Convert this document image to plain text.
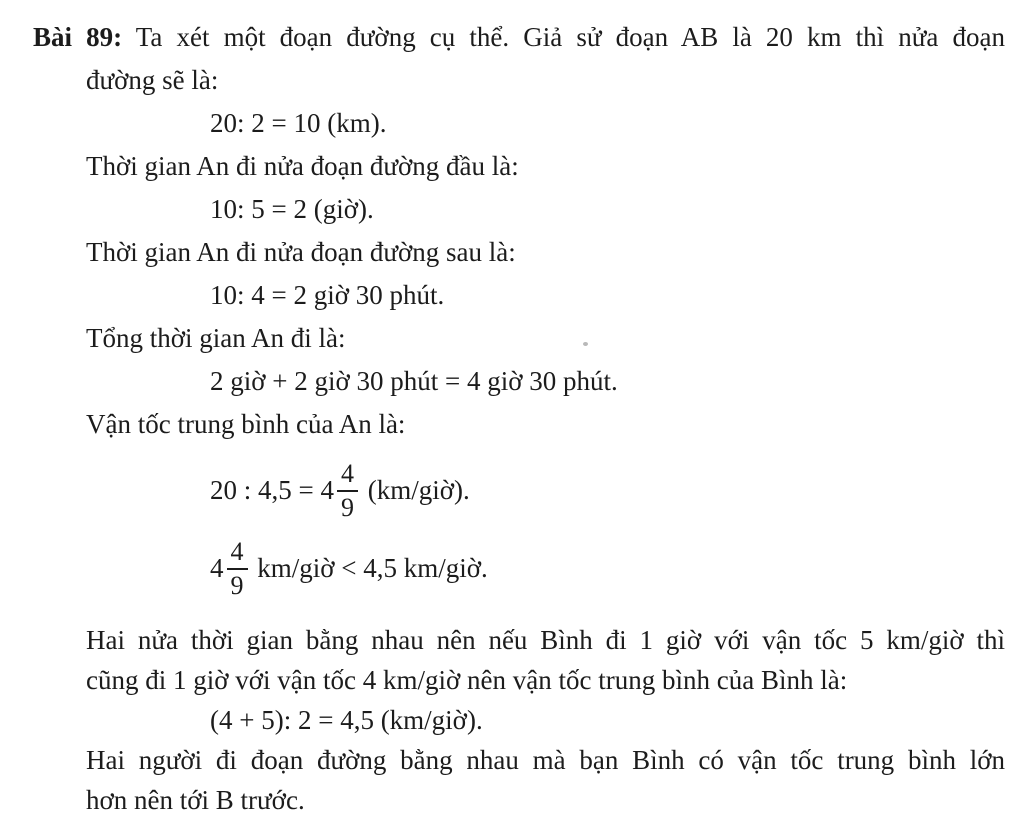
Bài 89: Ta xét một đoạn đường cụ thể. Giả sử đoạn AB là 20 km thì nửa đoạn
đường sẽ là:
20: 2 = 10 (km).
Thời gian An đi nửa đoạn đường đầu là:
10: 5 = 2 (giờ).
Thời gian An đi nửa đoạn đường sau là:
10: 4 = 2 giờ 30 phút.
Tổng thời gian An đi là:
2 giờ + 2 giờ 30 phút = 4 giờ 30 phút.
Vận tốc trung bình của An là:
20 : $4,5 = 4 \frac{4}{9}$ (km/giờ).
$4 \frac{4}{9}$ km/giờ < 4,5 km/giờ.
Hai nửa thời gian bằng nhau nên nếu Bình đi 1 giờ với vận tốc 5 km/giờ thì
cũng đi 1 giờ với vận tốc 4 km/giờ nên vận tốc trung bình của Bình là:
(4 + 5): 2 = 4,5 (km/giờ).
Hai người đi đoạn đường bằng nhau mà bạn Bình có vận tốc trung bình lớn
hơn nên tới B trước.
